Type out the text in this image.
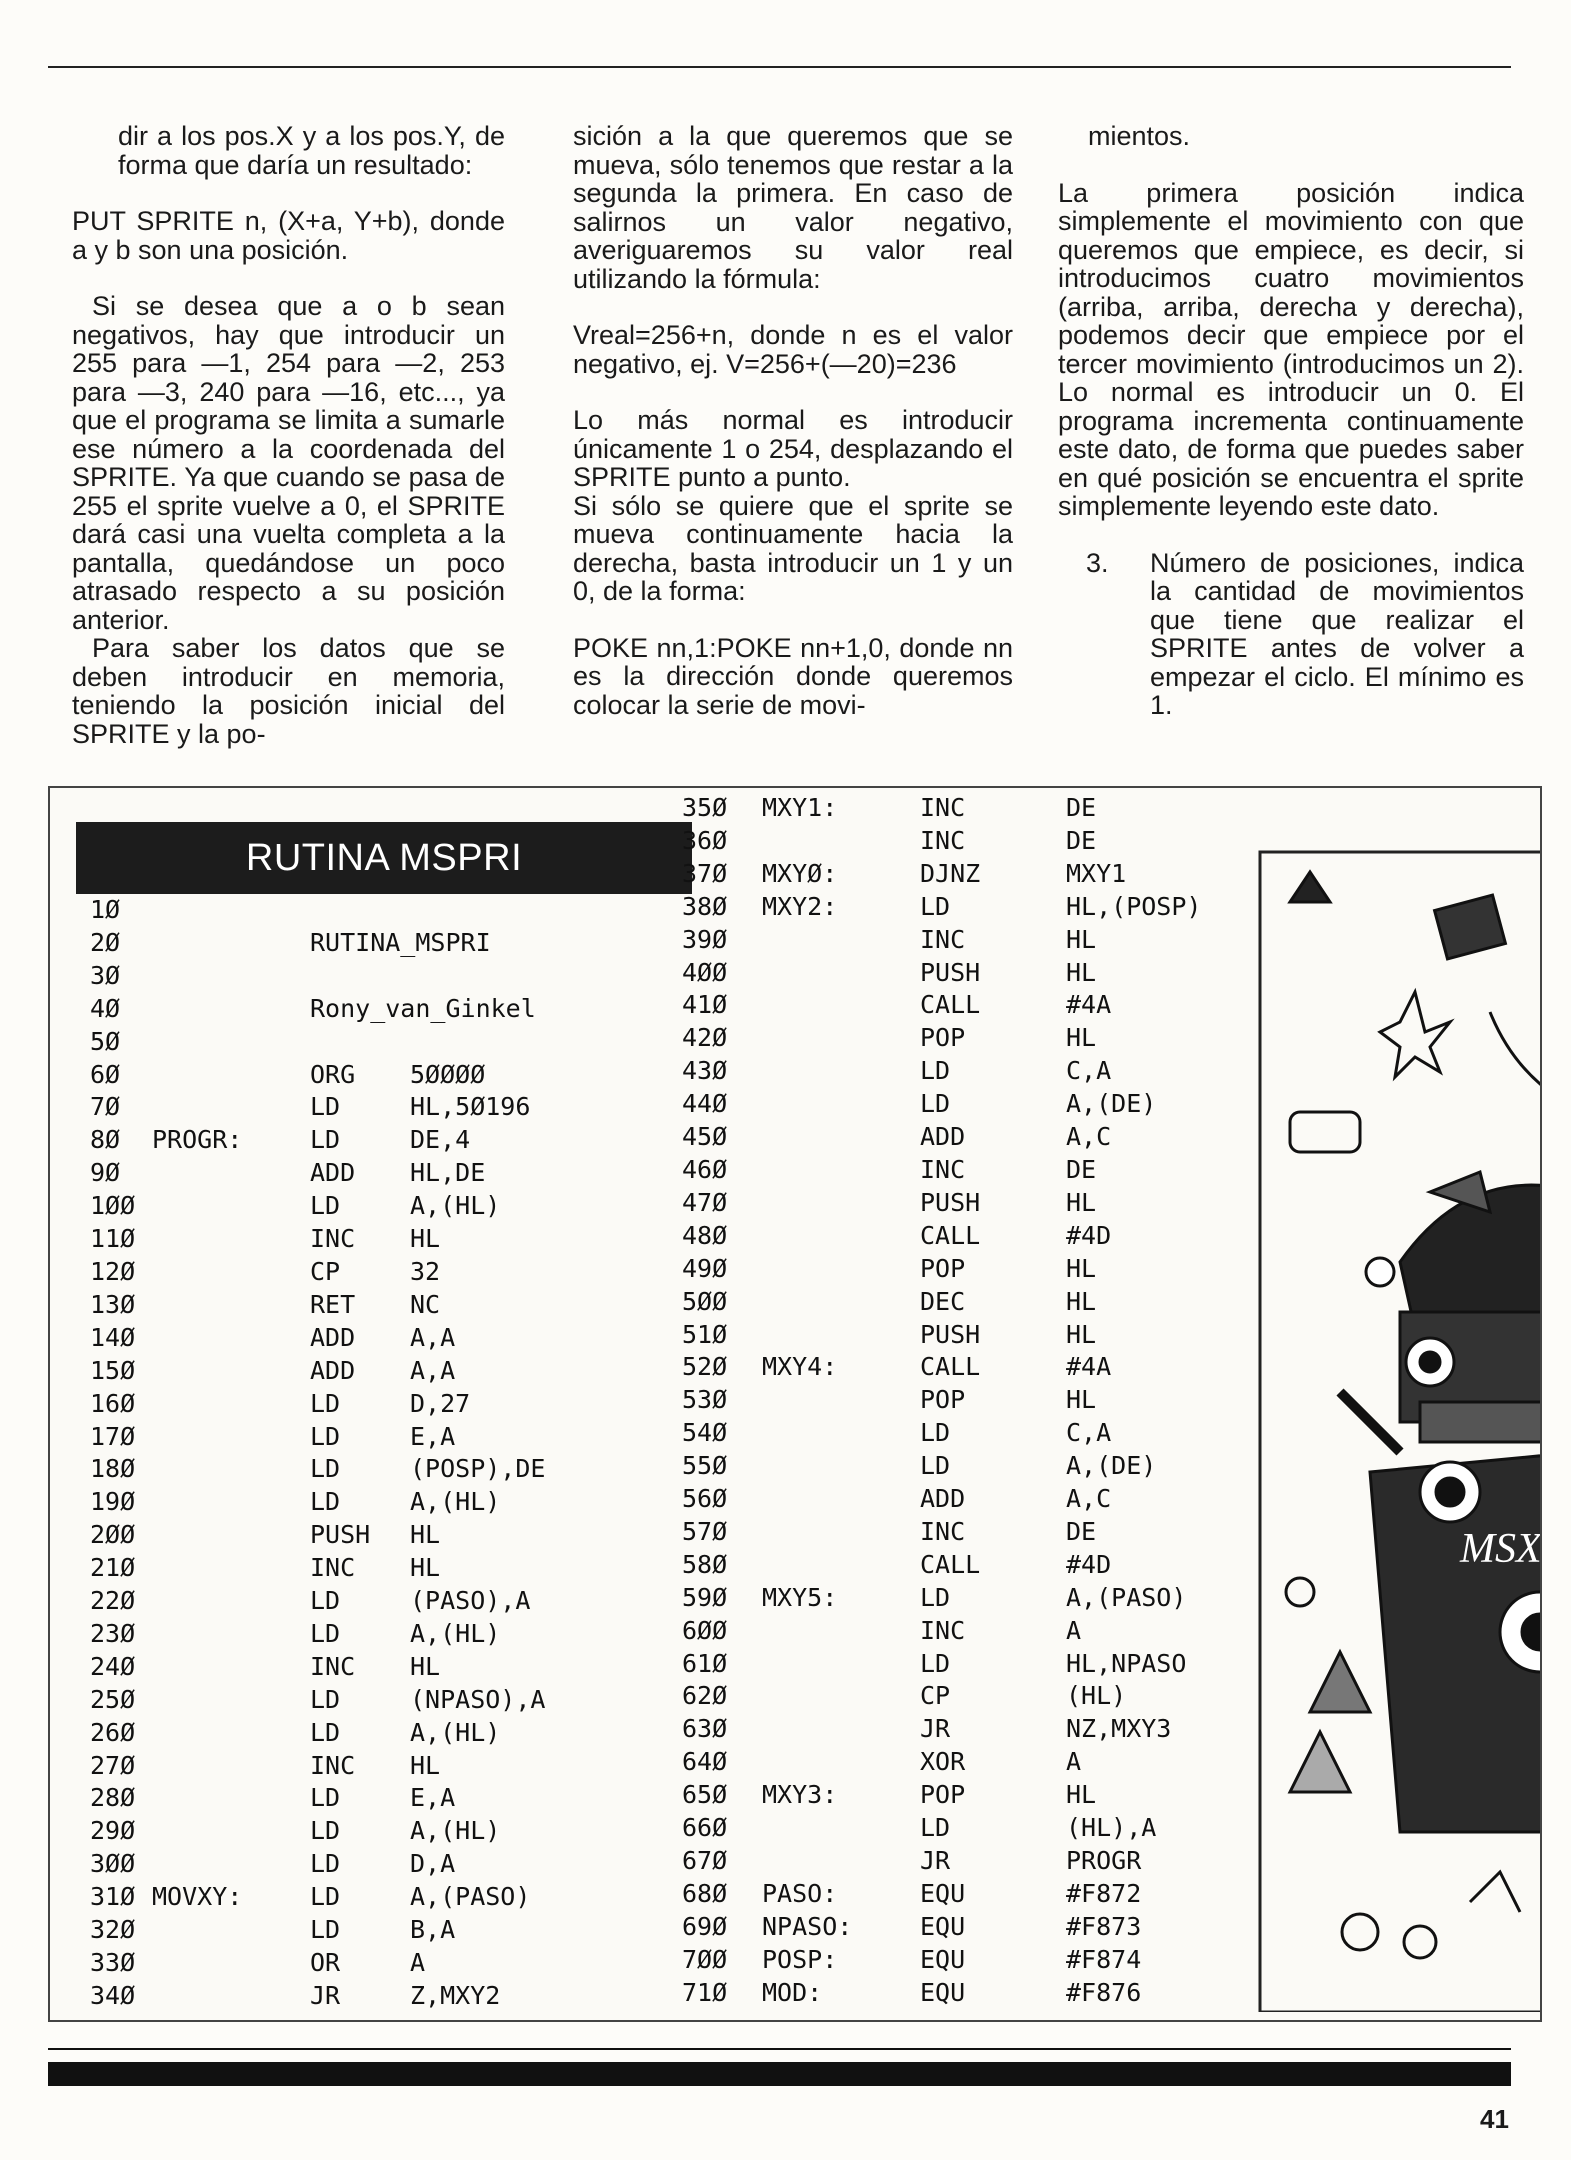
dir a los pos.X y a los pos.Y, de forma que daría un resultado:

PUT SPRITE n, (X+a, Y+b), donde a y b son una posición.

Si se desea que a o b sean negativos, hay que introducir un 255 para —1, 254 para —2, 253 para —3, 240 para —16, etc..., ya que el programa se limita a sumarle ese número a la coordenada del SPRITE. Ya que cuando se pasa de 255 el sprite vuelve a 0, el SPRITE dará casi una vuelta completa a la pantalla, quedándose un poco atrasado respecto a su posición anterior.

Para saber los datos que se deben introducir en memoria, teniendo la posición inicial del SPRITE y la po-

sición a la que queremos que se mueva, sólo tenemos que restar a la segunda la primera. En caso de salirnos un valor negativo, averiguaremos su valor real utilizando la fórmula:

Vreal=256+n, donde n es el valor negativo, ej. V=256+(—20)=236

Lo más normal es introducir únicamente 1 o 254, desplazando el SPRITE punto a punto.

Si sólo se quiere que el sprite se mueva continuamente hacia la derecha, basta introducir un 1 y un 0, de la forma:

POKE nn,1:POKE nn+1,0, donde nn es la dirección donde queremos colocar la serie de movi-

mientos.

La primera posición indica simplemente el movimiento con que queremos que empiece, es decir, si introducimos cuatro movimientos (arriba, arriba, derecha y derecha), podemos decir que empiece por el tercer movimiento (introducimos un 2). Lo normal es introducir un 0. El programa incrementa continuamente este dato, de forma que puedes saber en qué posición se encuentra el sprite simplemente leyendo este dato.

3.	Número de posiciones, indica la cantidad de movimientos que tiene que realizar el SPRITE antes de volver a empezar el ciclo. El mínimo es 1.

RUTINA MSPRI
1Ø
2Ø	RUTINA_MSPRI
3Ø
4Ø	Rony_van_Ginkel
5Ø
6Ø	ORG 5ØØØØ
7Ø	LD	HL,5Ø196
8Ø PROGR:	LD	DE,4
9Ø	ADD HL,DE
1ØØ	LD	A,(HL)
11Ø	INC HL
12Ø	CP	32
13Ø	RET NC
14Ø	ADD A,A
15Ø	ADD A,A
16Ø	LD	D,27
17Ø	LD	E,A
18Ø	LD	(POSP),DE
19Ø	LD	A,(HL)
2ØØ	PUSH HL
21Ø	INC HL
22Ø	LD	(PASO),A
23Ø	LD	A,(HL)
24Ø	INC HL
25Ø	LD	(NPASO),A
26Ø	LD	A,(HL)
27Ø	INC HL
28Ø	LD	E,A
29Ø	LD	A,(HL)
3ØØ	LD	D,A
31Ø MOVXY:	LD	A,(PASO)
32Ø	LD	B,A
33Ø	OR	A
34Ø	JR	Z,MXY2
35Ø MXY1:	INC	DE
36Ø	INC	DE
37Ø MXYØ:	DJNZ	MXY1
38Ø MXY2:	LD	HL,(POSP)
39Ø	INC	HL
4ØØ	PUSH	HL
41Ø	CALL	#4A
42Ø	POP	HL
43Ø	LD	C,A
44Ø	LD	A,(DE)
45Ø	ADD	A,C
46Ø	INC	DE
47Ø	PUSH	HL
48Ø	CALL	#4D
49Ø	POP	HL
5ØØ	DEC	HL
51Ø	PUSH	HL
52Ø MXY4:	CALL	#4A
53Ø	POP	HL
54Ø	LD	C,A
55Ø	LD	A,(DE)
56Ø	ADD	A,C
57Ø	INC	DE
58Ø	CALL	#4D
59Ø MXY5:	LD	A,(PASO)
6ØØ	INC	A
61Ø	LD	HL,NPASO
62Ø	CP	(HL)
63Ø	JR	NZ,MXY3
64Ø	XOR	A
65Ø MXY3:	POP	HL
66Ø	LD	(HL),A
67Ø	JR	PROGR
68Ø PASO:	EQU	#F872
69Ø NPASO:	EQU	#F873
7ØØ POSP:	EQU	#F874
71Ø MOD:	EQU	#F876
MSX
41
